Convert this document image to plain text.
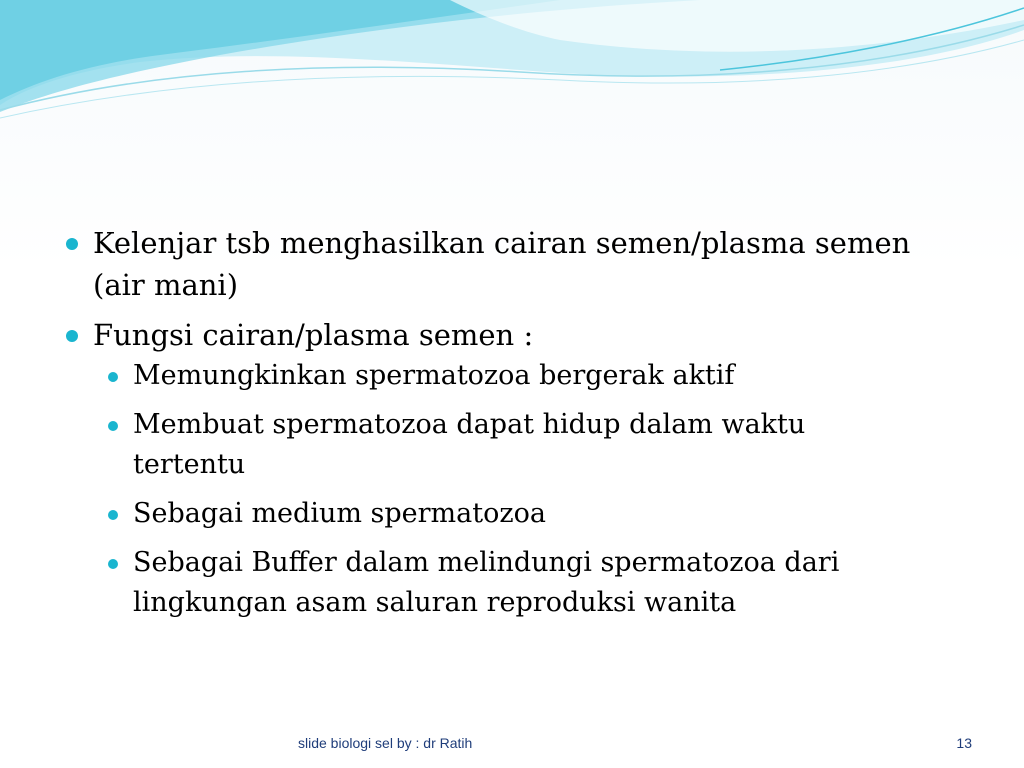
Kelenjar tsb menghasilkan cairan semen/plasma semen (air mani)
Fungsi cairan/plasma semen :
Memungkinkan spermatozoa bergerak aktif
Membuat spermatozoa dapat hidup dalam waktu tertentu
Sebagai medium spermatozoa
Sebagai Buffer dalam melindungi spermatozoa dari lingkungan asam saluran reproduksi wanita
slide biologi sel by : dr Ratih	13
